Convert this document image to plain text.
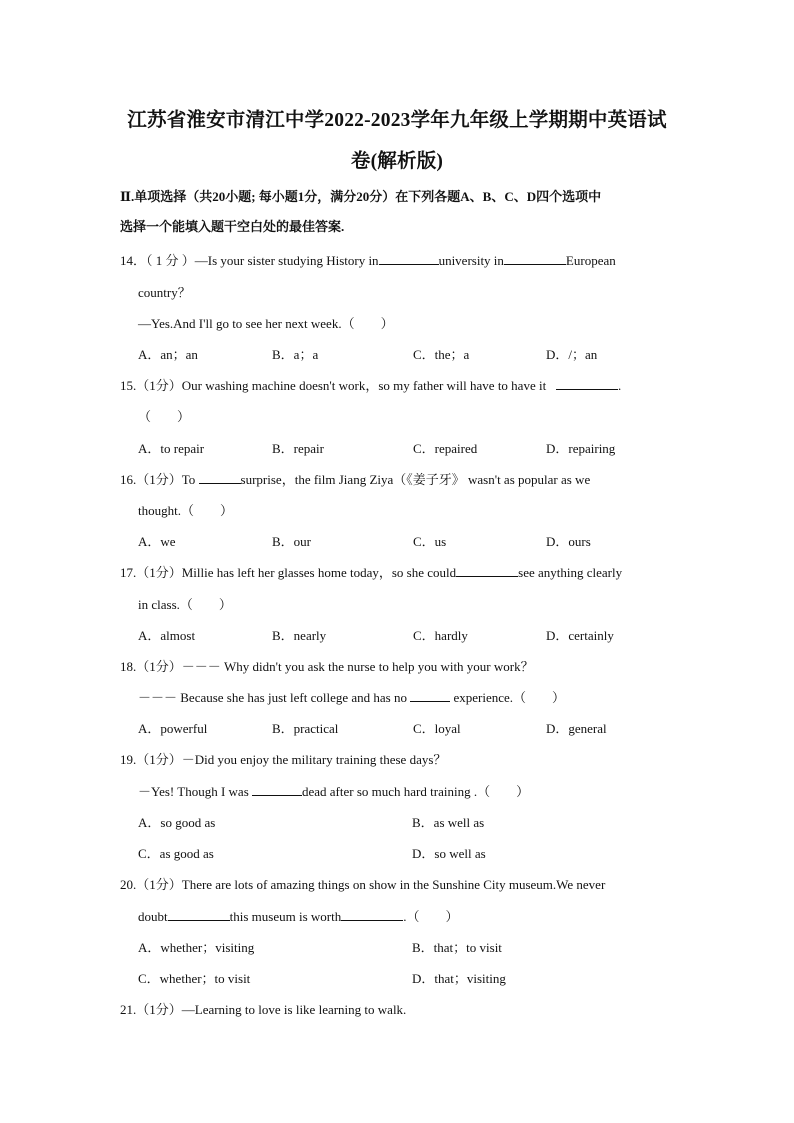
江苏省淮安市清江中学2022-2023学年九年级上学期期中英语试
卷(解析版)
Ⅱ.单项选择（共20小题; 每小题1分，满分20分）在下列各题A、B、C、D四个选项中
选择一个能填入题干空白处的最佳答案.
14．（ 1 分 ）—Is your sister studying History in	university in	European
country？
—Yes.And I'll go to see her next week.（　　）
A．an；an	B．a；a	C．the；a	D．/；an
15.（1分）Our washing machine doesn't work，so my father will have to have it	.
（　　）
A．to repair	B．repair	C．repaired	D．repairing
16.（1分）To	surprise，the film Jiang Ziya（《姜子牙》 wasn't as popular as we
thought.（　　）
A．we	B．our	C．us	D．ours
17.（1分）Millie has left her glasses home today，so she could	see anything clearly
in class.（　　）
A．almost	B．nearly	C．hardly	D．certainly
18.（1分）－－－ Why didn't you ask the nurse to help you with your work？
－－－ Because she has just left college and has no	experience.（　　）
A．powerful	B．practical	C．loyal	D．general
19.（1分）－Did you enjoy the military training these days？
－Yes! Though I was	dead after so much hard training .（　　）
A．so good as	B．as well as
C．as good as	D．so well as
20.（1分）There are lots of amazing things on show in the Sunshine City museum.We never
doubt	this museum is worth	.（　　）
A．whether；visiting	B．that；to visit
C．whether；to visit	D．that；visiting
21.（1分）—Learning to love is like learning to walk.
